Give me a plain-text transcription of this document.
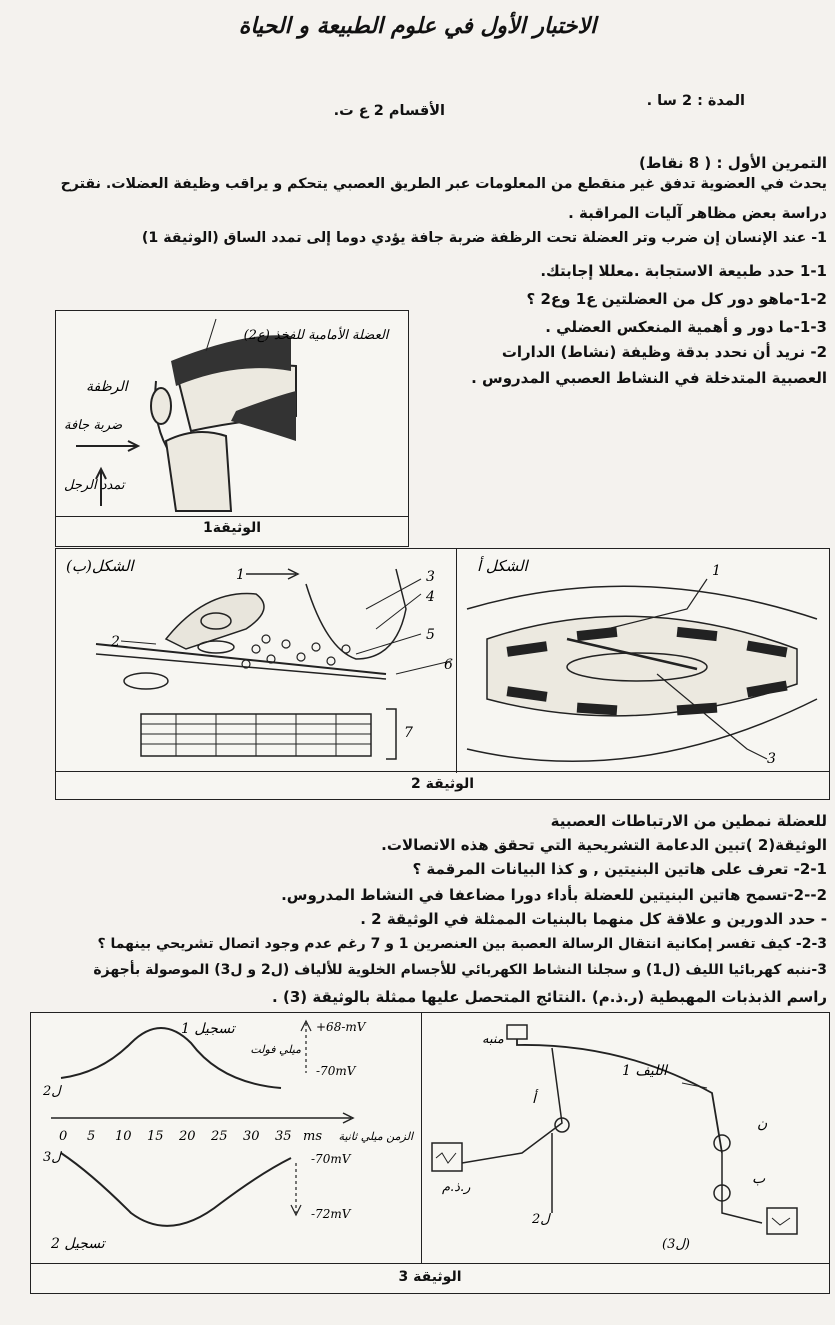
الاختبار الأول في علوم الطبيعة و الحياة
المدة : 2 سا .
الأقسام 2 ع ت.
التمرين الأول : ( 8 نقاط)
يحدث في العضوية تدفق غير منقطع من المعلومات عبر الطريق العصبي يتحكم و يراقب وظيفة العضلات. نقترح
دراسة بعض مظاهر آليات المراقبة .
1- عند الإنسان إن ضرب وتر العضلة تحت الرظفة ضربة جافة يؤدي دوما إلى تمدد الساق (الوثيقة 1)
1-1 حدد طبيعة الاستجابة .معللا إجابتك.
1-2-ماهو دور كل من العضلتين ع1 وع2 ؟
1-3-ما دور و أهمية المنعكس العضلي .
2- نريد أن نحدد بدقة وظيفة (نشاط) الدارات
العصبية المتدخلة في النشاط العصبي المدروس .
العضلة الأمامية للفخذ (ع2)
الرظفة
ضربة جافة
تمدد الرجل
الوثيقة1
الشكل(ب)	1
2
3
4
5
6
7
الشكل أ	1
3
الوثيقة 2
للعضلة نمطين من الارتباطات العصبية
الوثيقة(2 )تبين الدعامة التشريحية التي تحقق هذه الاتصالات.
2-1- تعرف على هاتين البنيتين , و كذا البيانات المرقمة ؟
2--2-تسمح هاتين البنيتين للعضلة بأداء دورا مضاعفا في النشاط المدروس.
- حدد الدورين و علاقة كل منهما بالبنيات الممثلة في الوثيقة 2 .
2-3- كيف تفسر إمكانية انتقال الرسالة العصبة بين العنصرين 1 و 7 رغم عدم وجود اتصال تشريحي بينهما ؟
3-ننبه كهربائيا الليف (ل1) و سجلنا النشاط الكهربائي للأجسام الخلوية للألياف (ل2 و ل3) الموصولة بأجهزة
راسم الذبذبات المهبطية (ر.ذ.م) .النتائج المتحصل عليها ممثلة بالوثيقة (3) .
0 5 10 15 20 25 30 35 ms الزمن ميلي ثانية
تسجيل 1
تسجيل 2
+68-mV
ميلي فولت
-70mV
-70mV
-72mV
ل2
ل3
منبه
الليف 1
ن
ب
أ
ر.ذ.م
ل2
(ل3)
الوثيقة 3
